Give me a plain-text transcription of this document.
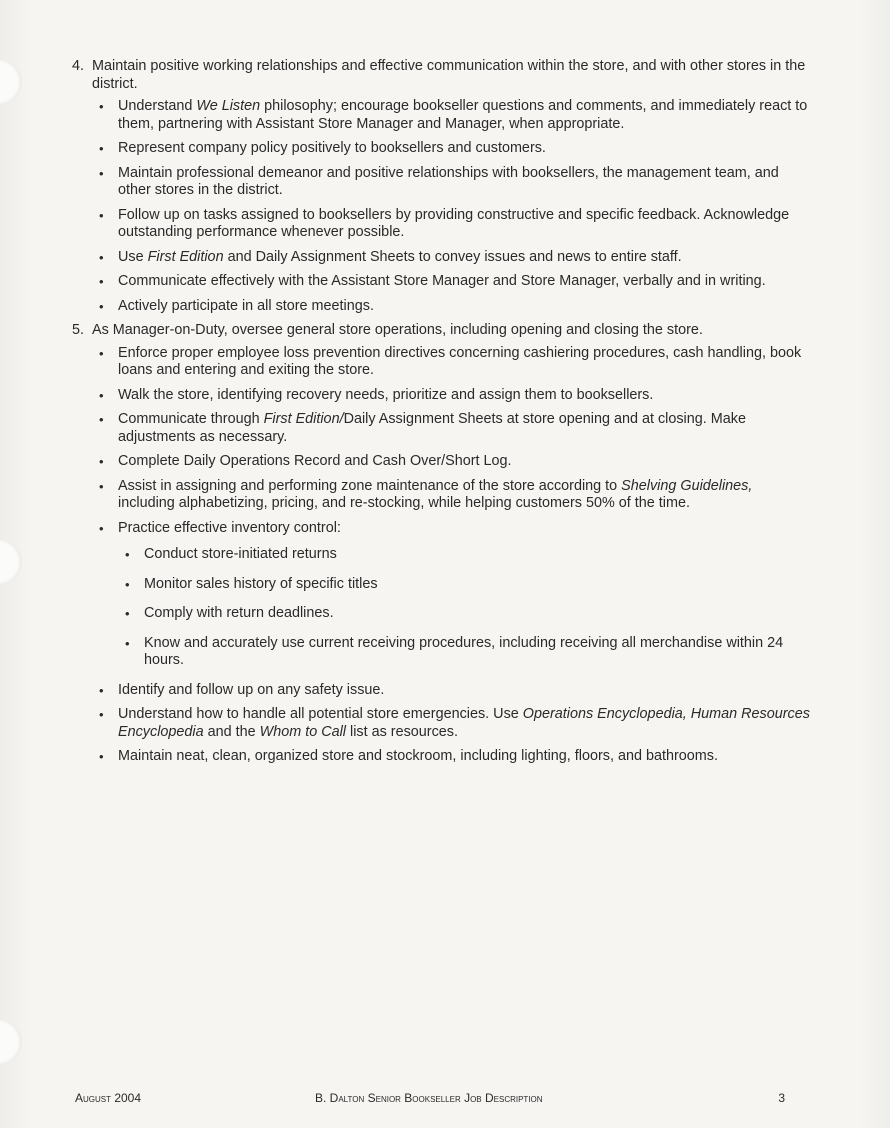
4. Maintain positive working relationships and effective communication within the store, and with other stores in the district.
• Understand We Listen philosophy; encourage bookseller questions and comments, and immediately react to them, partnering with Assistant Store Manager and Manager, when appropriate.
• Represent company policy positively to booksellers and customers.
• Maintain professional demeanor and positive relationships with booksellers, the management team, and other stores in the district.
• Follow up on tasks assigned to booksellers by providing constructive and specific feedback. Acknowledge outstanding performance whenever possible.
• Use First Edition and Daily Assignment Sheets to convey issues and news to entire staff.
• Communicate effectively with the Assistant Store Manager and Store Manager, verbally and in writing.
• Actively participate in all store meetings.
5. As Manager-on-Duty, oversee general store operations, including opening and closing the store.
• Enforce proper employee loss prevention directives concerning cashiering procedures, cash handling, book loans and entering and exiting the store.
• Walk the store, identifying recovery needs, prioritize and assign them to booksellers.
• Communicate through First Edition/Daily Assignment Sheets at store opening and at closing. Make adjustments as necessary.
• Complete Daily Operations Record and Cash Over/Short Log.
• Assist in assigning and performing zone maintenance of the store according to Shelving Guidelines, including alphabetizing, pricing, and re-stocking, while helping customers 50% of the time.
• Practice effective inventory control:
• Conduct store-initiated returns
• Monitor sales history of specific titles
• Comply with return deadlines.
• Know and accurately use current receiving procedures, including receiving all merchandise within 24 hours.
• Identify and follow up on any safety issue.
• Understand how to handle all potential store emergencies. Use Operations Encyclopedia, Human Resources Encyclopedia and the Whom to Call list as resources.
• Maintain neat, clean, organized store and stockroom, including lighting, floors, and bathrooms.
August 2004	B. Dalton Senior Bookseller Job Description	3
